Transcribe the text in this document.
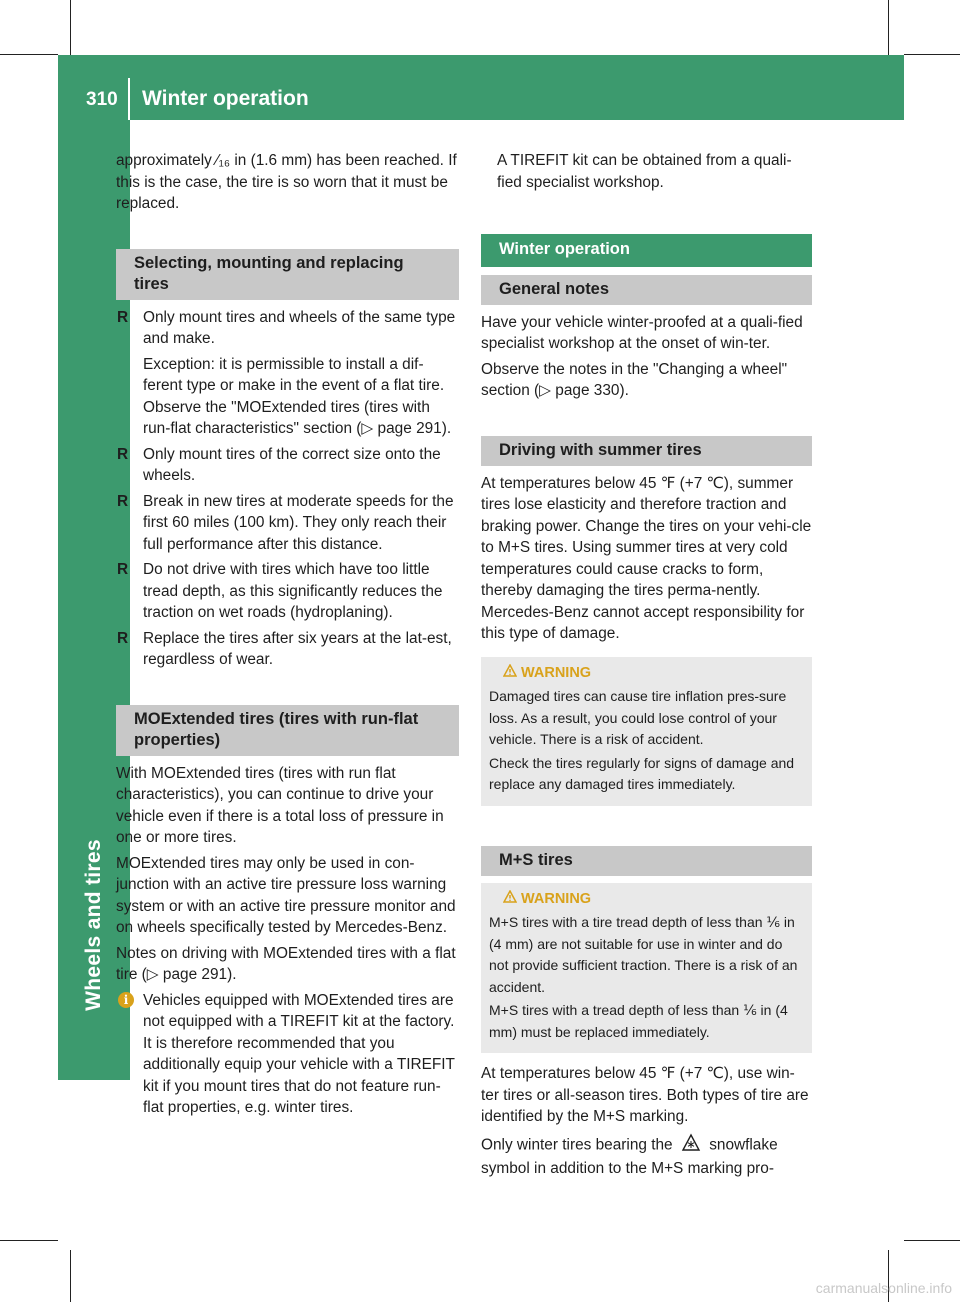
Wheels and tires
310 Winter operation

approximately ⁄₁₆ in (1.6 mm) has been reached. If this is the case, the tire is so worn that it must be replaced.

Selecting, mounting and replacing tires
R Only mount tires and wheels of the same type and make.

Exception: it is permissible to install a dif-ferent type or make in the event of a flat tire. Observe the "MOExtended tires (tires with run-flat characteristics" section (▷ page 291).

R Only mount tires of the correct size onto the wheels.

R Break in new tires at moderate speeds for the first 60 miles (100 km). They only reach their full performance after this distance.

R Do not drive with tires which have too little tread depth, as this significantly reduces the traction on wet roads (hydroplaning).

R Replace the tires after six years at the lat-est, regardless of wear.

MOExtended tires (tires with run-flat properties)

With MOExtended tires (tires with run flat characteristics), you can continue to drive your vehicle even if there is a total loss of pressure in one or more tires.

MOExtended tires may only be used in con-junction with an active tire pressure loss warning system or with an active tire pressure monitor and on wheels specifically tested by Mercedes-Benz.

Notes on driving with MOExtended tires with a flat tire (▷ page 291).

i Vehicles equipped with MOExtended tires are not equipped with a TIREFIT kit at the factory. It is therefore recommended that you additionally equip your vehicle with a TIREFIT kit if you mount tires that do not feature run-flat properties, e.g. winter tires.

A TIREFIT kit can be obtained from a quali-fied specialist workshop.

Winter operation
General notes

Have your vehicle winter-proofed at a quali-fied specialist workshop at the onset of win-ter.

Observe the notes in the "Changing a wheel" section (▷ page 330).

Driving with summer tires

At temperatures below 45 ℉ (+7 ℃), summer tires lose elasticity and therefore traction and braking power. Change the tires on your vehi-cle to M+S tires. Using summer tires at very cold temperatures could cause cracks to form, thereby damaging the tires perma-nently. Mercedes-Benz cannot accept responsibility for this type of damage.

WARNING

Damaged tires can cause tire inflation pres-sure loss. As a result, you could lose control of your vehicle. There is a risk of accident.

Check the tires regularly for signs of damage and replace any damaged tires immediately.

M+S tires
WARNING

M+S tires with a tire tread depth of less than ⅙ in (4 mm) are not suitable for use in winter and do not provide sufficient traction. There is a risk of an accident.

M+S tires with a tread depth of less than ⅙ in (4 mm) must be replaced immediately.

At temperatures below 45 ℉ (+7 ℃), use win-ter tires or all-season tires. Both types of tire are identified by the M+S marking.

Only winter tires bearing the snowflake symbol in addition to the M+S marking pro-

carmanualsonline.info
